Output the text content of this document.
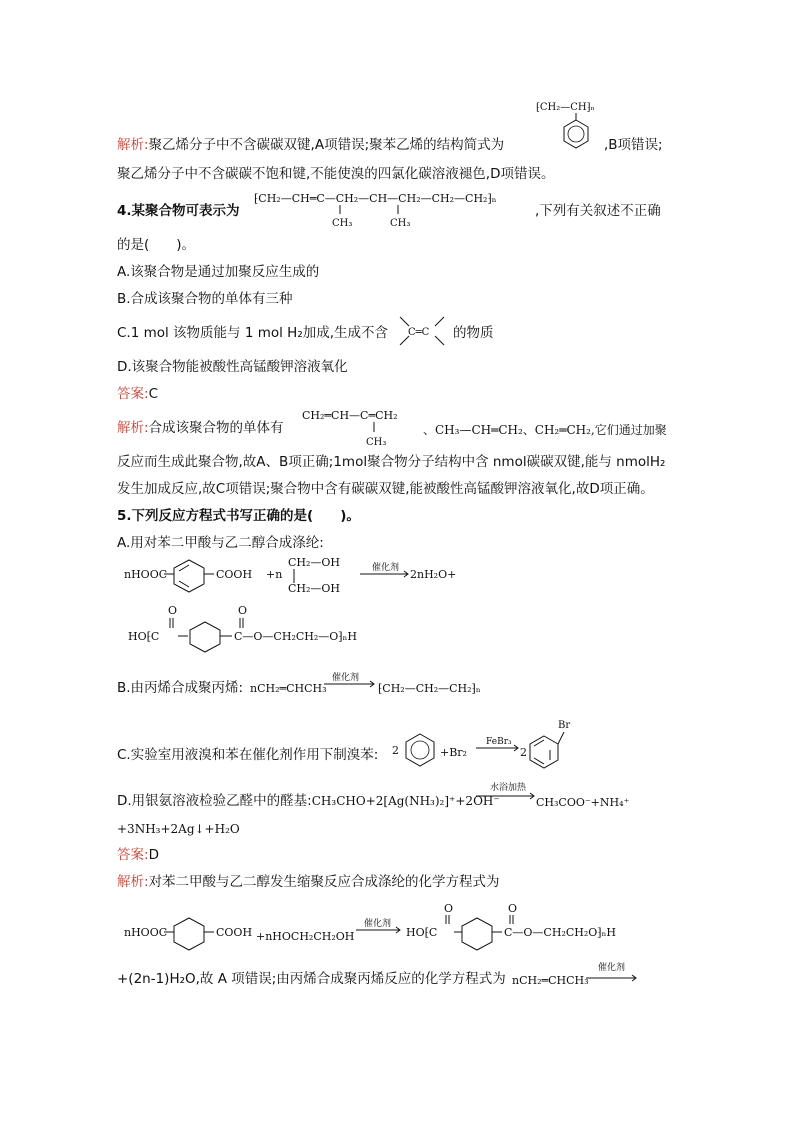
⁅CH₂—CH⁆ₙ
解析:聚乙烯分子中不含碳碳双键,A项错误;聚苯乙烯的结构简式为	,B项错误;
聚乙烯分子中不含碳碳不饱和键,不能使溴的四氯化碳溶液褪色,D项错误。
4.某聚合物可表示为
⁅CH₂—CH═C—CH₂—CH—CH₂—CH₂—CH₂⁆ₙ
CH₃	CH₃
,下列有关叙述不正确
的是(　　)。
A.该聚合物是通过加聚反应生成的
B.合成该聚合物的单体有三种
C.1 mol 该物质能与 1 mol H₂加成,生成不含 C═C 的物质
D.该聚合物能被酸性高锰酸钾溶液氧化
答案:C
解析:合成该聚合物的单体有
CH₂═CH—C═CH₂
CH₃
、CH₃—CH═CH₂、CH₂═CH₂,它们通过加聚
反应而生成此聚合物,故A、B项正确;1mol聚合物分子结构中含 nmol碳碳双键,能与 nmolH₂
发生加成反应,故C项错误;聚合物中含有碳碳双键,能被酸性高锰酸钾溶液氧化,故D项正确。
5.下列反应方程式书写正确的是(　　)。
A.用对苯二甲酸与乙二醇合成涤纶:
nHOOC	COOH +n
CH₂—OH
CH₂—OH
催化剂 2nH₂O+
O	O
HO⁅C	C—O—CH₂CH₂—O⁆ₙH
B.由丙烯合成聚丙烯: nCH₂═CHCH₃
催化剂
⁅CH₂—CH₂—CH₂⁆ₙ
C.实验室用液溴和苯在催化剂作用下制溴苯: 2	+Br₂
FeBr₃
2
Br
D.用银氨溶液检验乙醛中的醛基:CH₃CHO+2[Ag(NH₃)₂]⁺+2OH⁻
水浴加热
CH₃COO⁻+NH₄⁺
+3NH₃+2Ag↓+H₂O
答案:D
解析:对苯二甲酸与乙二醇发生缩聚反应合成涤纶的化学方程式为
nHOOC	COOH +nHOCH₂CH₂OH
催化剂
O	O
HO⁅C	C—O—CH₂CH₂O⁆ₙH
+(2n-1)H₂O,故 A 项错误;由丙烯合成聚丙烯反应的化学方程式为 nCH₂═CHCH₃
催化剂
